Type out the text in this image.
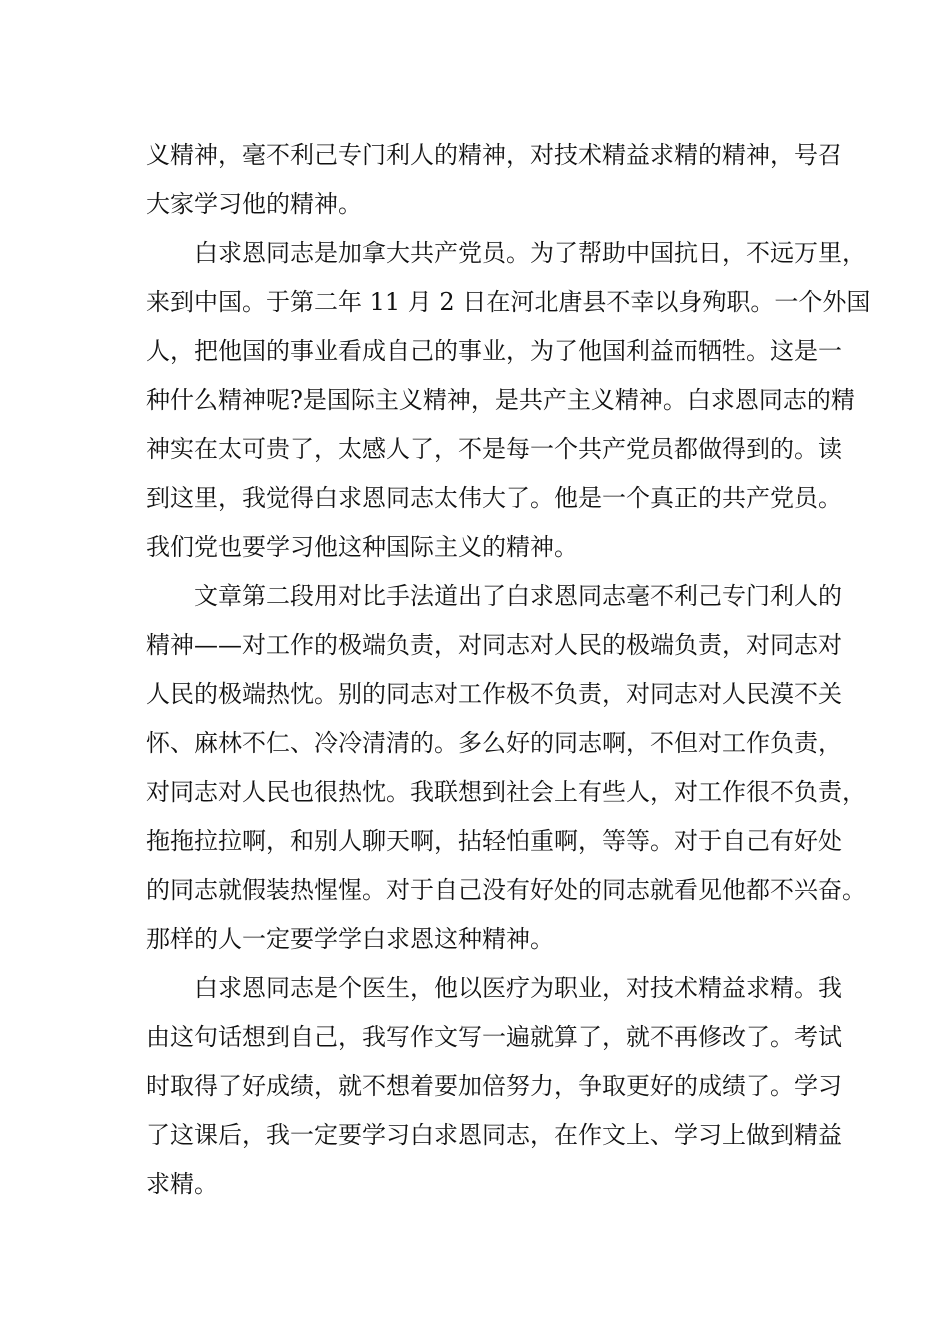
义精神，毫不利己专门利人的精神，对技术精益求精的精神，号召
大家学习他的精神。
白求恩同志是加拿大共产党员。为了帮助中国抗日，不远万里，
来到中国。于第二年 11 月 2 日在河北唐县不幸以身殉职。一个外国
人，把他国的事业看成自己的事业，为了他国利益而牺牲。这是一
种什么精神呢?是国际主义精神，是共产主义精神。白求恩同志的精
神实在太可贵了，太感人了，不是每一个共产党员都做得到的。读
到这里，我觉得白求恩同志太伟大了。他是一个真正的共产党员。
我们党也要学习他这种国际主义的精神。
文章第二段用对比手法道出了白求恩同志毫不利己专门利人的
精神——对工作的极端负责，对同志对人民的极端负责，对同志对
人民的极端热忱。别的同志对工作极不负责，对同志对人民漠不关
怀、麻林不仁、冷冷清清的。多么好的同志啊，不但对工作负责，
对同志对人民也很热忱。我联想到社会上有些人，对工作很不负责，
拖拖拉拉啊，和别人聊天啊，拈轻怕重啊，等等。对于自己有好处
的同志就假装热惺惺。对于自己没有好处的同志就看见他都不兴奋。
那样的人一定要学学白求恩这种精神。
白求恩同志是个医生，他以医疗为职业，对技术精益求精。我
由这句话想到自己，我写作文写一遍就算了，就不再修改了。考试
时取得了好成绩，就不想着要加倍努力，争取更好的成绩了。学习
了这课后，我一定要学习白求恩同志，在作文上、学习上做到精益
求精。
